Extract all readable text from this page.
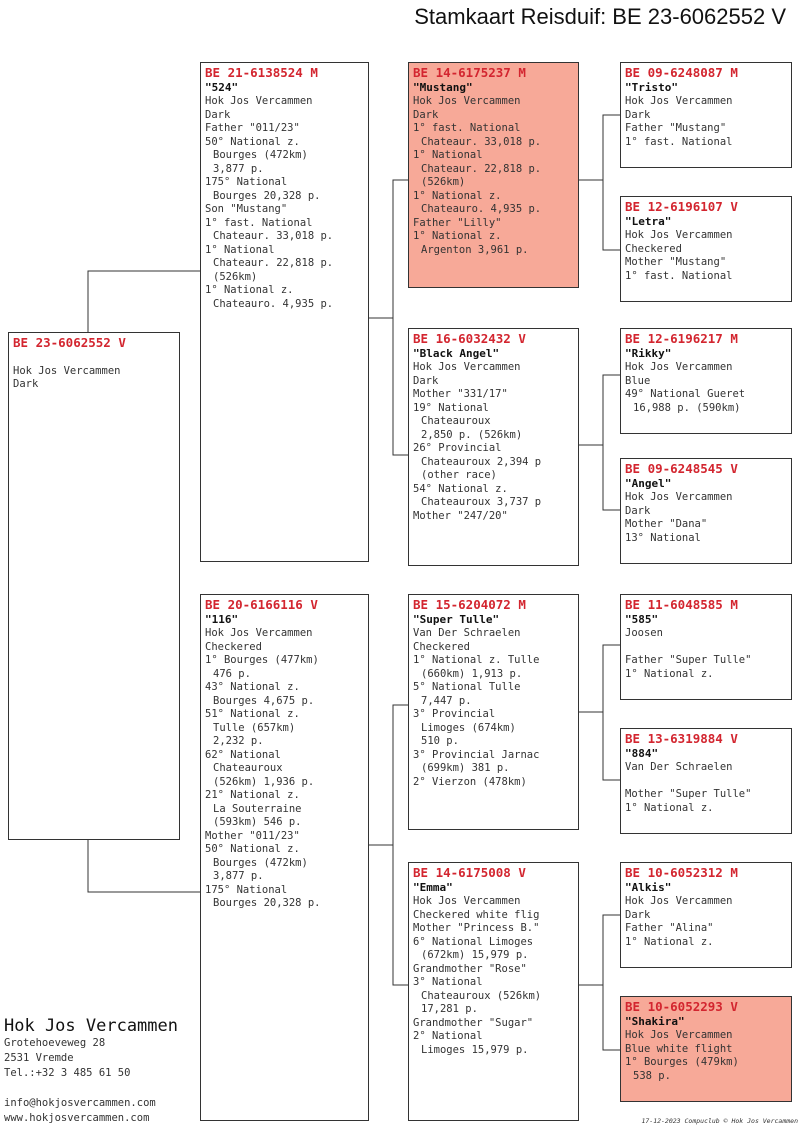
Stamkaart Reisduif: BE 23-6062552 V
BE 23-6062552 V

Hok Jos Vercammen
Dark
BE 21-6138524 M
"524"
Hok Jos Vercammen
Dark
Father "011/23"
50° National z.
Bourges (472km)
3,877 p.
175° National
Bourges 20,328 p.
Son "Mustang"
1° fast. National
Chateaur. 33,018 p.
1° National
Chateaur. 22,818 p.
(526km)
1° National z.
Chateauro. 4,935 p.
BE 20-6166116 V
"116"
Hok Jos Vercammen
Checkered
1° Bourges (477km)
476 p.
43° National z.
Bourges 4,675 p.
51° National z.
Tulle (657km)
2,232 p.
62° National
Chateauroux
(526km) 1,936 p.
21° National z.
La Souterraine
(593km) 546 p.
Mother "011/23"
50° National z.
Bourges (472km)
3,877 p.
175° National
Bourges 20,328 p.
BE 14-6175237 M
"Mustang"
Hok Jos Vercammen
Dark
1° fast. National
Chateaur. 33,018 p.
1° National
Chateaur. 22,818 p.
(526km)
1° National z.
Chateauro. 4,935 p.
Father "Lilly"
1° National z.
Argenton 3,961 p.
BE 16-6032432 V
"Black Angel"
Hok Jos Vercammen
Dark
Mother "331/17"
19° National
Chateauroux
2,850 p. (526km)
26° Provincial
Chateauroux 2,394 p
(other race)
54° National z.
Chateauroux 3,737 p
Mother "247/20"
BE 15-6204072 M
"Super Tulle"
Van Der Schraelen
Checkered
1° National z. Tulle
(660km) 1,913 p.
5° National Tulle
7,447 p.
3° Provincial
Limoges (674km)
510 p.
3° Provincial Jarnac
(699km) 381 p.
2° Vierzon (478km)
BE 14-6175008 V
"Emma"
Hok Jos Vercammen
Checkered white flig
Mother "Princess B."
6° National Limoges
(672km) 15,979 p.
Grandmother "Rose"
3° National
Chateauroux (526km)
17,281 p.
Grandmother "Sugar"
2° National
Limoges 15,979 p.
BE 09-6248087 M
"Tristo"
Hok Jos Vercammen
Dark
Father "Mustang"
1° fast. National
BE 12-6196107 V
"Letra"
Hok Jos Vercammen
Checkered
Mother "Mustang"
1° fast. National
BE 12-6196217 M
"Rikky"
Hok Jos Vercammen
Blue
49° National Gueret
16,988 p. (590km)
BE 09-6248545 V
"Angel"
Hok Jos Vercammen
Dark
Mother "Dana"
13° National
BE 11-6048585 M
"585"
Joosen

Father "Super Tulle"
1° National z.
BE 13-6319884 V
"884"
Van Der Schraelen

Mother "Super Tulle"
1° National z.
BE 10-6052312 M
"Alkis"
Hok Jos Vercammen
Dark
Father "Alina"
1° National z.
BE 10-6052293 V
"Shakira"
Hok Jos Vercammen
Blue white flight
1° Bourges (479km)
538 p.
Hok Jos Vercammen
Grotehoeveweg 28
2531 Vremde
Tel.:+32 3 485 61 50
info@hokjosvercammen.com
www.hokjosvercammen.com	17-12-2023 Compuclub © Hok Jos Vercammen
